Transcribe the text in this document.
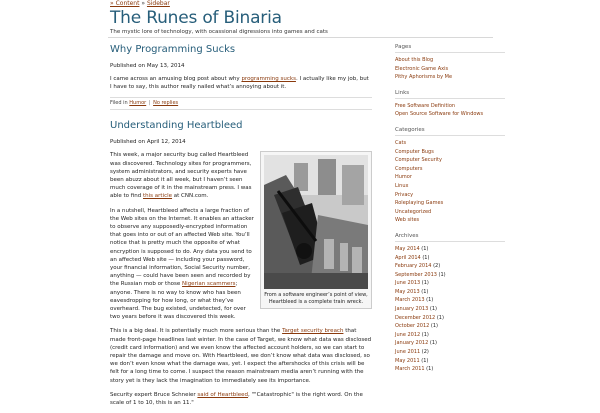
» Content » Sidebar
The Runes of Binaria
The mystic lore of technology, with ocassional digressions into games and cats
Why Programming Sucks
Published on May 13, 2014

I came across an amusing blog post about why programming sucks. I actually like my job, but I have to say, this author really nailed what’s annoying about it.

Filed in Humor | No replies
Understanding Heartbleed
Published on April 12, 2014
From a software engineer’s point of view, Heartbleed is a complete train wreck.

This week, a major security bug called Heartbleed was discovered. Technology sites for programmers, system administrators, and security experts have been abuzz about it all week, but I haven’t seen much coverage of it in the mainstream press. I was able to find this article at CNN.com.

In a nutshell, Heartbleed affects a large fraction of the Web sites on the Internet. It enables an attacker to observe any supposedly-encrypted information that goes into or out of an affected Web site. You’ll notice that is pretty much the opposite of what encryption is supposed to do. Any data you send to an affected Web site — including your password, your financial information, Social Security number, anything — could have been seen and recorded by the Russian mob or those Nigerian scammers; anyone. There is no way to know who has been eavesdropping for how long, or what they’ve overheard. The bug existed, undetected, for over two years before it was discovered this week.

This is a big deal. It is potentially much more serious than the Target security breach that made front-page headlines last winter. In the case of Target, we know what data was disclosed (credit card information) and we even know the affected account holders, so we can start to repair the damage and move on. With Heartbleed, we don’t know what data was disclosed, so we don’t even know what the damage was, yet. I expect the aftershocks of this crisis will be felt for a long time to come. I suspect the reason mainstream media aren’t running with the story yet is they lack the imagination to immediately see its importance.

Security expert Bruce Schneier said of Heartbleed, ""Catastrophic" is the right word. On the scale of 1 to 10, this is an 11."

Pages
About this Blog
Electronic Game Axis
Pithy Aphorisms by Me
Links
Free Software Definition
Open Source Software for Windows
Categories
Cats
Computer Bugs
Computer Security
Computers
Humor
Linux
Privacy
Roleplaying Games
Uncategorized
Web sites
Archives
May 2014 (1)
April 2014 (1)
February 2014 (2)
September 2013 (1)
June 2013 (1)
May 2013 (1)
March 2013 (1)
January 2013 (1)
December 2012 (1)
October 2012 (1)
June 2012 (1)
January 2012 (1)
June 2011 (2)
May 2011 (1)
March 2011 (1)
